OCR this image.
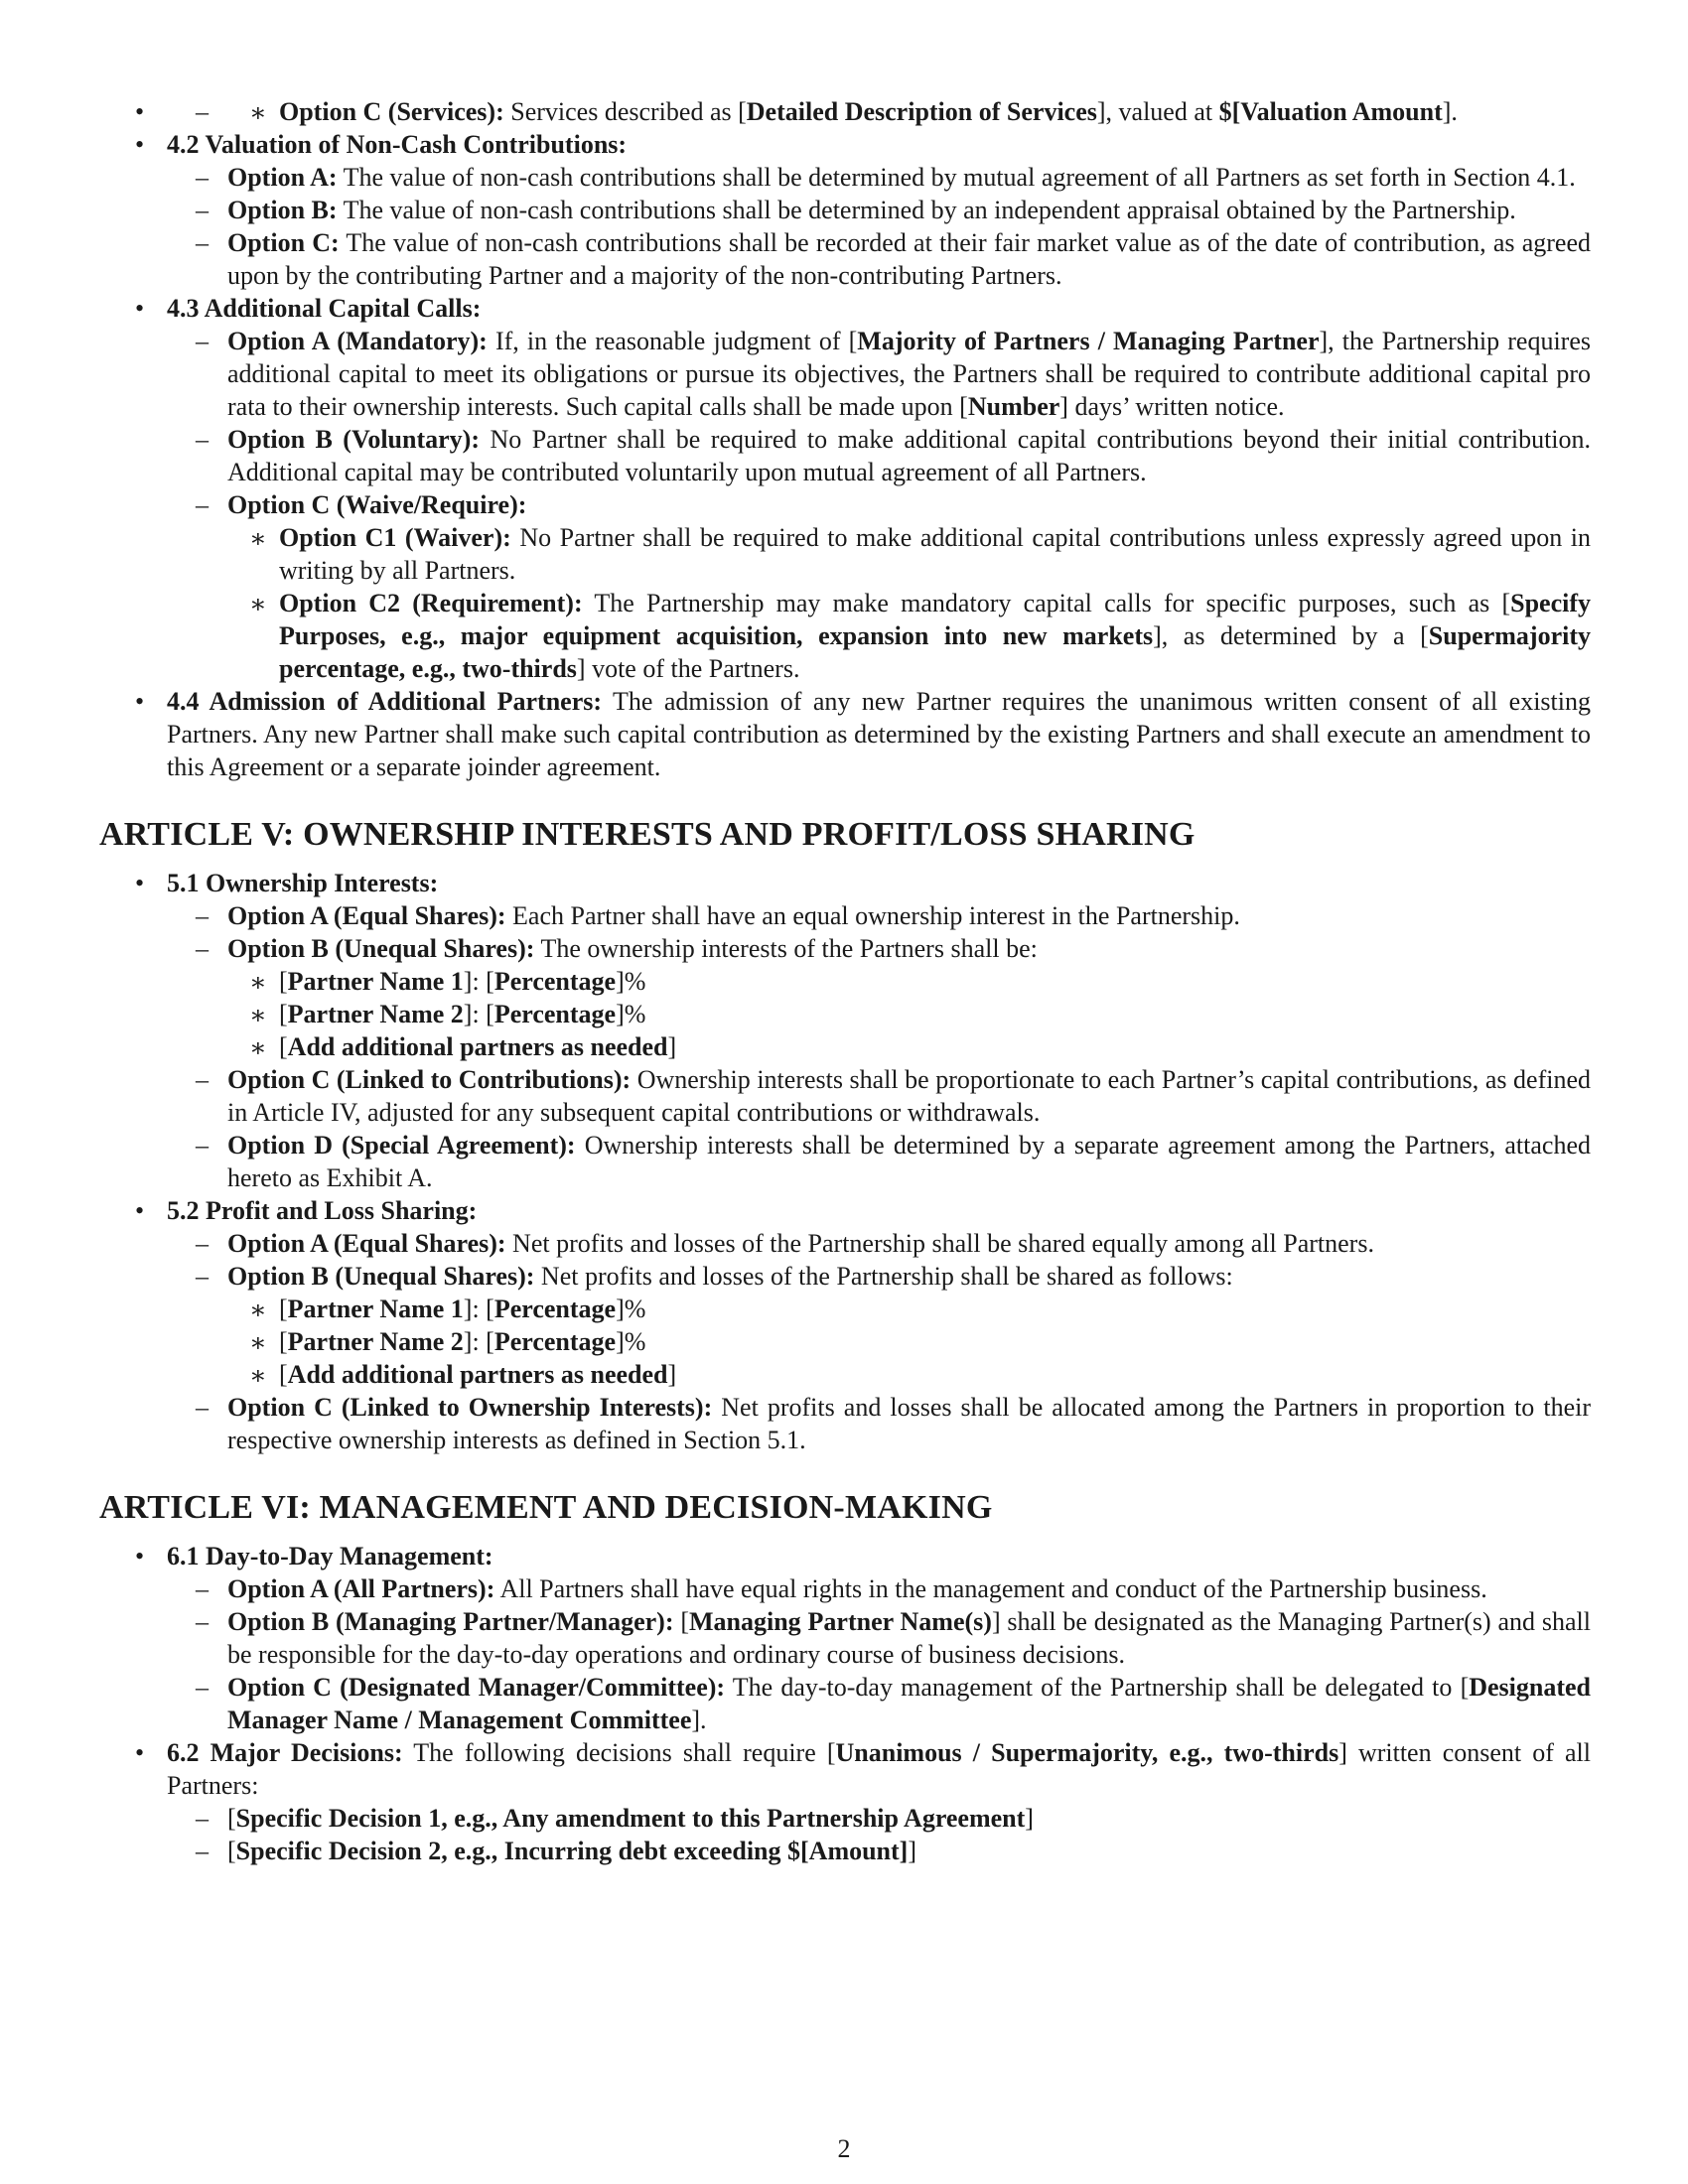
∗ – • Option C (Services): Services described as [Detailed Description of Services], valued at $[Valuation Amount].
• 4.2 Valuation of Non-Cash Contributions:
– Option A: The value of non-cash contributions shall be determined by mutual agreement of all Partners as set forth in Section 4.1.
– Option B: The value of non-cash contributions shall be determined by an independent appraisal obtained by the Partnership.
– Option C: The value of non-cash contributions shall be recorded at their fair market value as of the date of contribution, as agreed upon by the contributing Partner and a majority of the non-contributing Partners.
• 4.3 Additional Capital Calls:
– Option A (Mandatory): If, in the reasonable judgment of [Majority of Partners / Managing Partner], the Partnership requires additional capital to meet its obligations or pursue its objectives, the Partners shall be required to contribute additional capital pro rata to their ownership interests. Such capital calls shall be made upon [Number] days’ written notice.
– Option B (Voluntary): No Partner shall be required to make additional capital contributions beyond their initial contribution. Additional capital may be contributed voluntarily upon mutual agreement of all Partners.
– Option C (Waive/Require):
∗ Option C1 (Waiver): No Partner shall be required to make additional capital contributions unless expressly agreed upon in writing by all Partners.
∗ Option C2 (Requirement): The Partnership may make mandatory capital calls for specific purposes, such as [Specify Purposes, e.g., major equipment acquisition, expansion into new markets], as determined by a [Supermajority percentage, e.g., two-thirds] vote of the Partners.
• 4.4 Admission of Additional Partners: The admission of any new Partner requires the unanimous written consent of all existing Partners. Any new Partner shall make such capital contribution as determined by the existing Partners and shall execute an amendment to this Agreement or a separate joinder agreement.
ARTICLE V: OWNERSHIP INTERESTS AND PROFIT/LOSS SHARING
• 5.1 Ownership Interests:
– Option A (Equal Shares): Each Partner shall have an equal ownership interest in the Partnership.
– Option B (Unequal Shares): The ownership interests of the Partners shall be:
∗ [Partner Name 1]: [Percentage]%
∗ [Partner Name 2]: [Percentage]%
∗ [Add additional partners as needed]
– Option C (Linked to Contributions): Ownership interests shall be proportionate to each Partner’s capital contributions, as defined in Article IV, adjusted for any subsequent capital contributions or withdrawals.
– Option D (Special Agreement): Ownership interests shall be determined by a separate agreement among the Partners, attached hereto as Exhibit A.
• 5.2 Profit and Loss Sharing:
– Option A (Equal Shares): Net profits and losses of the Partnership shall be shared equally among all Partners.
– Option B (Unequal Shares): Net profits and losses of the Partnership shall be shared as follows:
∗ [Partner Name 1]: [Percentage]%
∗ [Partner Name 2]: [Percentage]%
∗ [Add additional partners as needed]
– Option C (Linked to Ownership Interests): Net profits and losses shall be allocated among the Partners in proportion to their respective ownership interests as defined in Section 5.1.
ARTICLE VI: MANAGEMENT AND DECISION-MAKING
• 6.1 Day-to-Day Management:
– Option A (All Partners): All Partners shall have equal rights in the management and conduct of the Partnership business.
– Option B (Managing Partner/Manager): [Managing Partner Name(s)] shall be designated as the Managing Partner(s) and shall be responsible for the day-to-day operations and ordinary course of business decisions.
– Option C (Designated Manager/Committee): The day-to-day management of the Partnership shall be delegated to [Designated Manager Name / Management Committee].
• 6.2 Major Decisions: The following decisions shall require [Unanimous / Supermajority, e.g., two-thirds] written consent of all Partners:
– [Specific Decision 1, e.g., Any amendment to this Partnership Agreement]
– [Specific Decision 2, e.g., Incurring debt exceeding $[Amount]]
2
